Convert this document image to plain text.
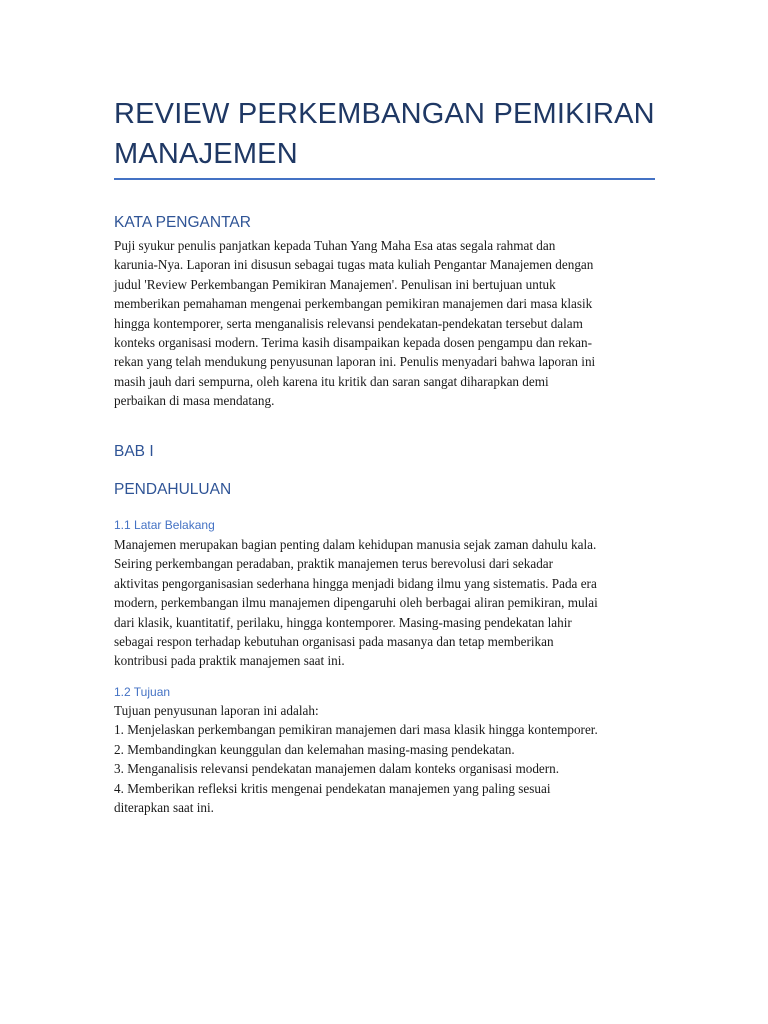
REVIEW PERKEMBANGAN PEMIKIRAN
MANAJEMEN
KATA PENGANTAR
Puji syukur penulis panjatkan kepada Tuhan Yang Maha Esa atas segala rahmat dan
karunia-Nya. Laporan ini disusun sebagai tugas mata kuliah Pengantar Manajemen dengan
judul 'Review Perkembangan Pemikiran Manajemen'. Penulisan ini bertujuan untuk
memberikan pemahaman mengenai perkembangan pemikiran manajemen dari masa klasik
hingga kontemporer, serta menganalisis relevansi pendekatan-pendekatan tersebut dalam
konteks organisasi modern. Terima kasih disampaikan kepada dosen pengampu dan rekan-
rekan yang telah mendukung penyusunan laporan ini. Penulis menyadari bahwa laporan ini
masih jauh dari sempurna, oleh karena itu kritik dan saran sangat diharapkan demi
perbaikan di masa mendatang.
BAB I
PENDAHULUAN
1.1 Latar Belakang
Manajemen merupakan bagian penting dalam kehidupan manusia sejak zaman dahulu kala.
Seiring perkembangan peradaban, praktik manajemen terus berevolusi dari sekadar
aktivitas pengorganisasian sederhana hingga menjadi bidang ilmu yang sistematis. Pada era
modern, perkembangan ilmu manajemen dipengaruhi oleh berbagai aliran pemikiran, mulai
dari klasik, kuantitatif, perilaku, hingga kontemporer. Masing-masing pendekatan lahir
sebagai respon terhadap kebutuhan organisasi pada masanya dan tetap memberikan
kontribusi pada praktik manajemen saat ini.
1.2 Tujuan
Tujuan penyusunan laporan ini adalah:
1. Menjelaskan perkembangan pemikiran manajemen dari masa klasik hingga kontemporer.
2. Membandingkan keunggulan dan kelemahan masing-masing pendekatan.
3. Menganalisis relevansi pendekatan manajemen dalam konteks organisasi modern.
4. Memberikan refleksi kritis mengenai pendekatan manajemen yang paling sesuai
diterapkan saat ini.
